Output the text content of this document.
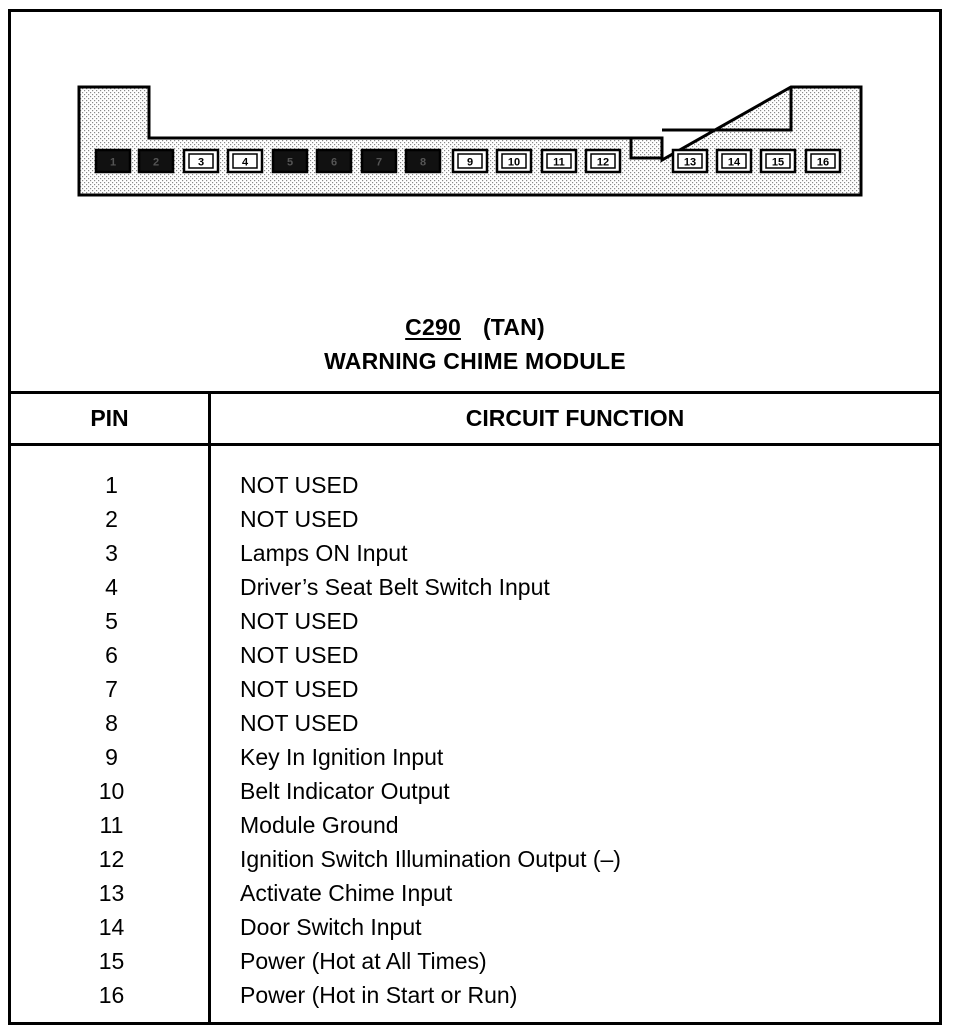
1	2	3	4	5	6	7	8	9	10	11	12	13	14	15	16
C290 (TAN)
WARNING CHIME MODULE
PIN	CIRCUIT FUNCTION
1	NOT USED
2	NOT USED
3	Lamps ON Input
4	Driver’s Seat Belt Switch Input
5	NOT USED
6	NOT USED
7	NOT USED
8	NOT USED
9	Key In Ignition Input
10	Belt Indicator Output
11	Module Ground
12	Ignition Switch Illumination Output (–)
13	Activate Chime Input
14	Door Switch Input
15	Power (Hot at All Times)
16	Power (Hot in Start or Run)
